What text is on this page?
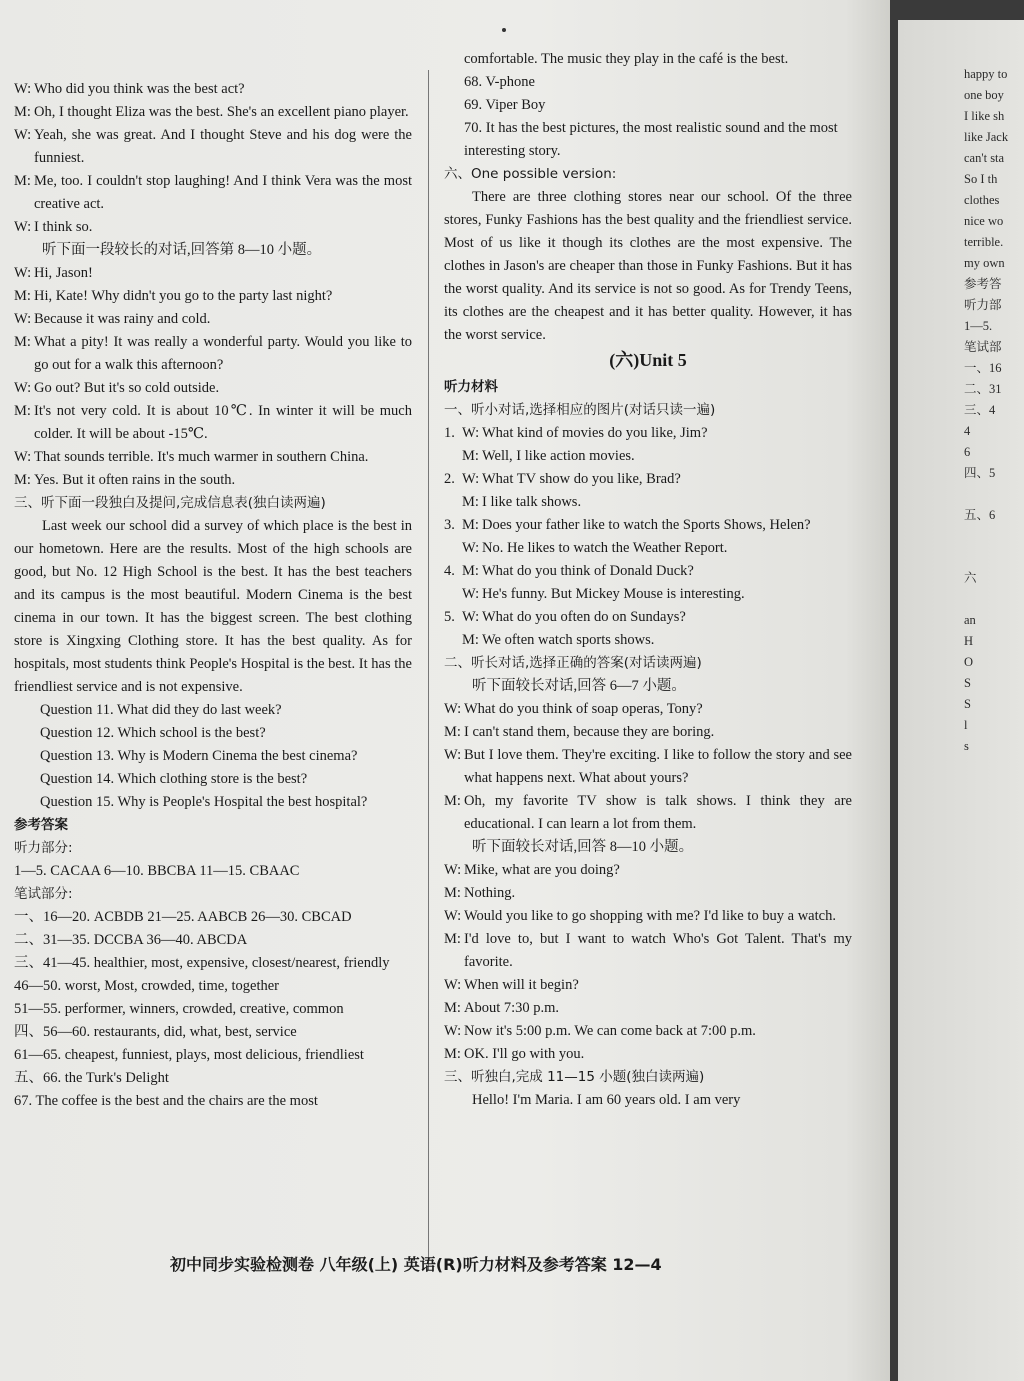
W: Who did you think was the best act?
M: Oh, I thought Eliza was the best. She's an excellent piano player.
W: Yeah, she was great. And I thought Steve and his dog were the funniest.
M: Me, too. I couldn't stop laughing! And I think Vera was the most creative act.
W: I think so.

听下面一段较长的对话,回答第 8—10 小题。

W: Hi, Jason!
M: Hi, Kate! Why didn't you go to the party last night?
W: Because it was rainy and cold.
M: What a pity! It was really a wonderful party. Would you like to go out for a walk this afternoon?
W: Go out? But it's so cold outside.
M: It's not very cold. It is about 10℃. In winter it will be much colder. It will be about -15℃.
W: That sounds terrible. It's much warmer in southern China.
M: Yes. But it often rains in the south.

三、听下面一段独白及提问,完成信息表(独白读两遍)

Last week our school did a survey of which place is the best in our hometown. Here are the results. Most of the high schools are good, but No. 12 High School is the best. It has the best teachers and its campus is the most beautiful. Modern Cinema is the best cinema in our town. It has the biggest screen. The best clothing store is Xingxing Clothing store. It has the best quality. As for hospitals, most students think People's Hospital is the best. It has the friendliest service and is not expensive.

Question 11. What did they do last week?

Question 12. Which school is the best?

Question 13. Why is Modern Cinema the best cinema?

Question 14. Which clothing store is the best?

Question 15. Why is People's Hospital the best hospital?

参考答案

听力部分:

1—5. CACAA 6—10. BBCBA 11—15. CBAAC

笔试部分:

一、16—20. ACBDB 21—25. AABCB 26—30. CBCAD

二、31—35. DCCBA 36—40. ABCDA

三、41—45. healthier, most, expensive, closest/nearest, friendly

46—50. worst, Most, crowded, time, together

51—55. performer, winners, crowded, creative, common

四、56—60. restaurants, did, what, best, service

61—65. cheapest, funniest, plays, most delicious, friendliest

五、66. the Turk's Delight

67. The coffee is the best and the chairs are the most

comfortable. The music they play in the café is the best.

68. V-phone

69. Viper Boy

70. It has the best pictures, the most realistic sound and the most interesting story.

六、One possible version:

There are three clothing stores near our school. Of the three stores, Funky Fashions has the best quality and the friendliest service. Most of us like it though its clothes are the most expensive. The clothes in Jason's are cheaper than those in Funky Fashions. But it has the worst quality. And its service is not so good. As for Trendy Teens, its clothes are the cheapest and it has better quality. However, it has the worst service.

(六)Unit 5

听力材料

一、听小对话,选择相应的图片(对话只读一遍)

1. W: What kind of movies do you like, Jim?
M: Well, I like action movies.
2. W: What TV show do you like, Brad?
M: I like talk shows.
3. M: Does your father like to watch the Sports Shows, Helen?
W: No. He likes to watch the Weather Report.
4. M: What do you think of Donald Duck?
W: He's funny. But Mickey Mouse is interesting.
5. W: What do you often do on Sundays?
M: We often watch sports shows.

二、听长对话,选择正确的答案(对话读两遍)

听下面较长对话,回答 6—7 小题。

W: What do you think of soap operas, Tony?
M: I can't stand them, because they are boring.
W: But I love them. They're exciting. I like to follow the story and see what happens next. What about yours?
M: Oh, my favorite TV show is talk shows. I think they are educational. I can learn a lot from them.

听下面较长对话,回答 8—10 小题。

W: Mike, what are you doing?
M: Nothing.
W: Would you like to go shopping with me? I'd like to buy a watch.
M: I'd love to, but I want to watch Who's Got Talent. That's my favorite.
W: When will it begin?
M: About 7:30 p.m.
W: Now it's 5:00 p.m. We can come back at 7:00 p.m.
M: OK. I'll go with you.

三、听独白,完成 11—15 小题(独白读两遍)

Hello! I'm Maria. I am 60 years old. I am very

初中同步实验检测卷 八年级(上) 英语(R)听力材料及参考答案 12—4

happy to

one boy

I like sh

like Jack

can't sta

So I th

clothes

nice wo

terrible.

my own

参考答

听力部

1—5.

笔试部

一、16

二、31

三、4

4

6

四、5

五、6

六

an

H

O

S

S

l

s
